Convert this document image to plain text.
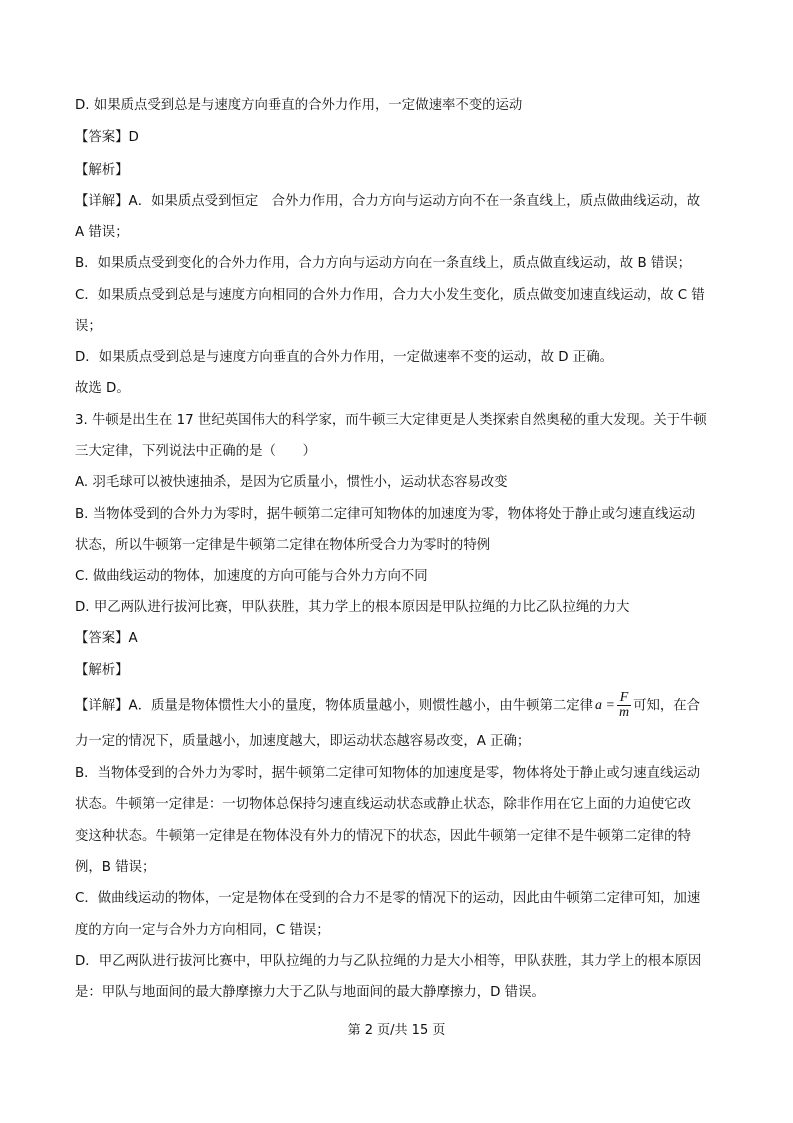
D. 如果质点受到总是与速度方向垂直的合外力作用，一定做速率不变的运动
【答案】D
【解析】
【详解】A．如果质点受到恒定　合外力作用，合力方向与运动方向不在一条直线上，质点做曲线运动，故
A 错误；
B．如果质点受到变化的合外力作用，合力方向与运动方向在一条直线上，质点做直线运动，故 B 错误；
C．如果质点受到总是与速度方向相同的合外力作用，合力大小发生变化，质点做变加速直线运动，故 C 错
误；
D．如果质点受到总是与速度方向垂直的合外力作用，一定做速率不变的运动，故 D 正确。
故选 D。
3. 牛顿是出生在 17 世纪英国伟大的科学家，而牛顿三大定律更是人类探索自然奥秘的重大发现。关于牛顿
三大定律，下列说法中正确的是（　　）
A. 羽毛球可以被快速抽杀，是因为它质量小，惯性小，运动状态容易改变
B. 当物体受到的合外力为零时，据牛顿第二定律可知物体的加速度为零，物体将处于静止或匀速直线运动
状态，所以牛顿第一定律是牛顿第二定律在物体所受合力为零时的特例
C. 做曲线运动的物体，加速度的方向可能与合外力方向不同
D. 甲乙两队进行拔河比赛，甲队获胜，其力学上的根本原因是甲队拉绳的力比乙队拉绳的力大
【答案】A
【解析】
【详解】A．质量是物体惯性大小的量度，物体质量越小，则惯性越小，由牛顿第二定律 $a = \frac{F}{m}$ 可知，在合
力一定的情况下，质量越小，加速度越大，即运动状态越容易改变，A 正确；
B．当物体受到的合外力为零时，据牛顿第二定律可知物体的加速度是零，物体将处于静止或匀速直线运动
状态。牛顿第一定律是：一切物体总保持匀速直线运动状态或静止状态，除非作用在它上面的力迫使它改
变这种状态。牛顿第一定律是在物体没有外力的情况下的状态，因此牛顿第一定律不是牛顿第二定律的特
例，B 错误；
C．做曲线运动的物体，一定是物体在受到的合力不是零的情况下的运动，因此由牛顿第二定律可知，加速
度的方向一定与合外力方向相同，C 错误；
D．甲乙两队进行拔河比赛中，甲队拉绳的力与乙队拉绳的力是大小相等，甲队获胜，其力学上的根本原因
是：甲队与地面间的最大静摩擦力大于乙队与地面间的最大静摩擦力，D 错误。
第 2 页/共 15 页
